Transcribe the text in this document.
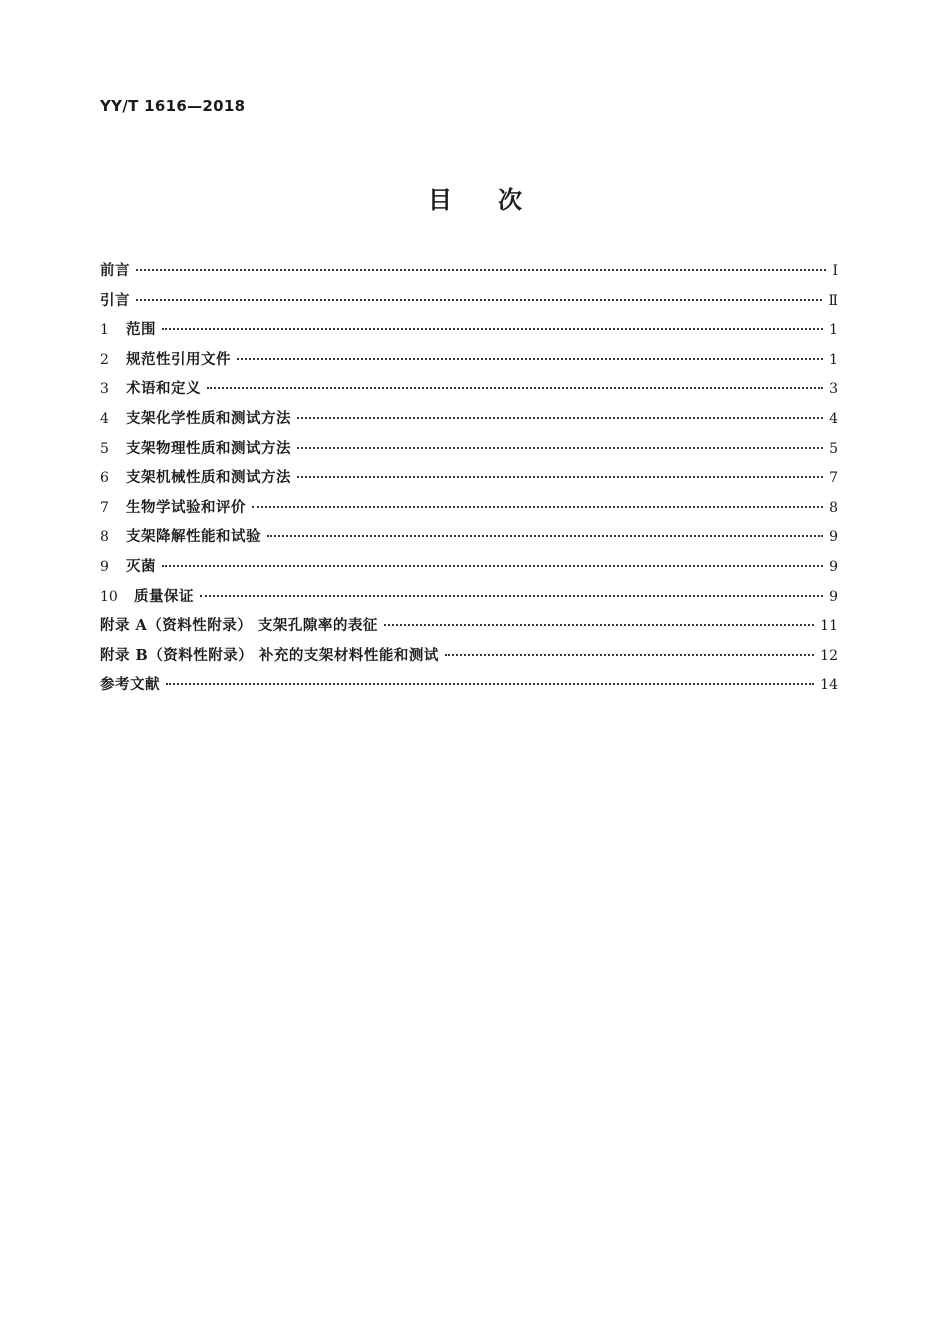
YY/T 1616—2018
目次
前言	Ⅰ
引言	Ⅱ
1	范围	1
2	规范性引用文件	1
3	术语和定义	3
4	支架化学性质和测试方法	4
5	支架物理性质和测试方法	5
6	支架机械性质和测试方法	7
7	生物学试验和评价	8
8	支架降解性能和试验	9
9	灭菌	9
10	质量保证	9
附录 A（资料性附录） 支架孔隙率的表征	11
附录 B（资料性附录） 补充的支架材料性能和测试	12
参考文献	14
